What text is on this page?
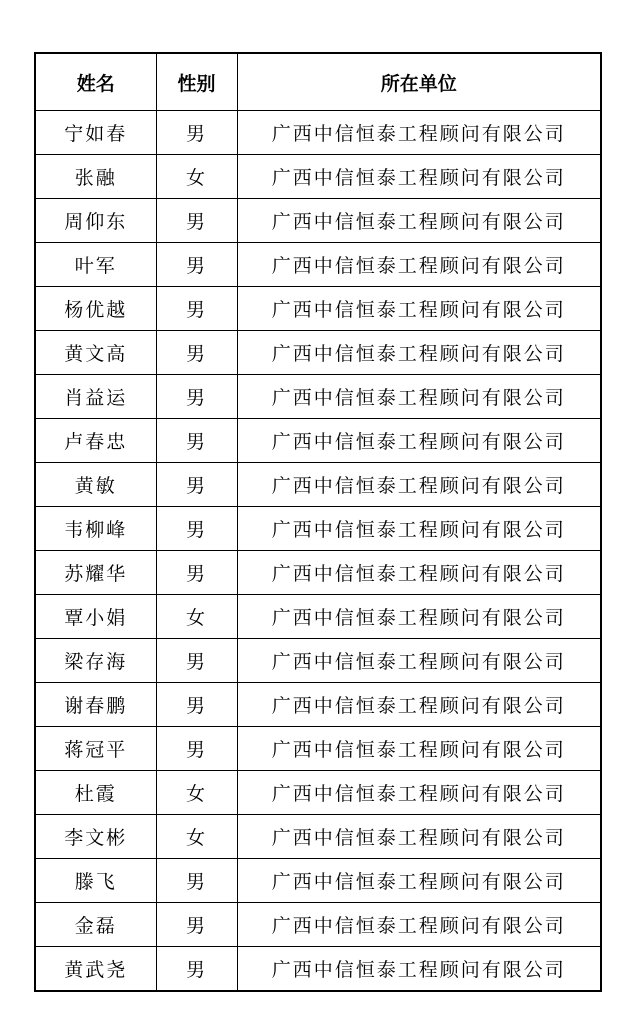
姓名	性别	所在单位
宁如春	男	广西中信恒泰工程顾问有限公司
张融	女	广西中信恒泰工程顾问有限公司
周仰东	男	广西中信恒泰工程顾问有限公司
叶军	男	广西中信恒泰工程顾问有限公司
杨优越	男	广西中信恒泰工程顾问有限公司
黄文高	男	广西中信恒泰工程顾问有限公司
肖益运	男	广西中信恒泰工程顾问有限公司
卢春忠	男	广西中信恒泰工程顾问有限公司
黄敏	男	广西中信恒泰工程顾问有限公司
韦柳峰	男	广西中信恒泰工程顾问有限公司
苏耀华	男	广西中信恒泰工程顾问有限公司
覃小娟	女	广西中信恒泰工程顾问有限公司
梁存海	男	广西中信恒泰工程顾问有限公司
谢春鹏	男	广西中信恒泰工程顾问有限公司
蒋冠平	男	广西中信恒泰工程顾问有限公司
杜霞	女	广西中信恒泰工程顾问有限公司
李文彬	女	广西中信恒泰工程顾问有限公司
滕飞	男	广西中信恒泰工程顾问有限公司
金磊	男	广西中信恒泰工程顾问有限公司
黄武尧	男	广西中信恒泰工程顾问有限公司
